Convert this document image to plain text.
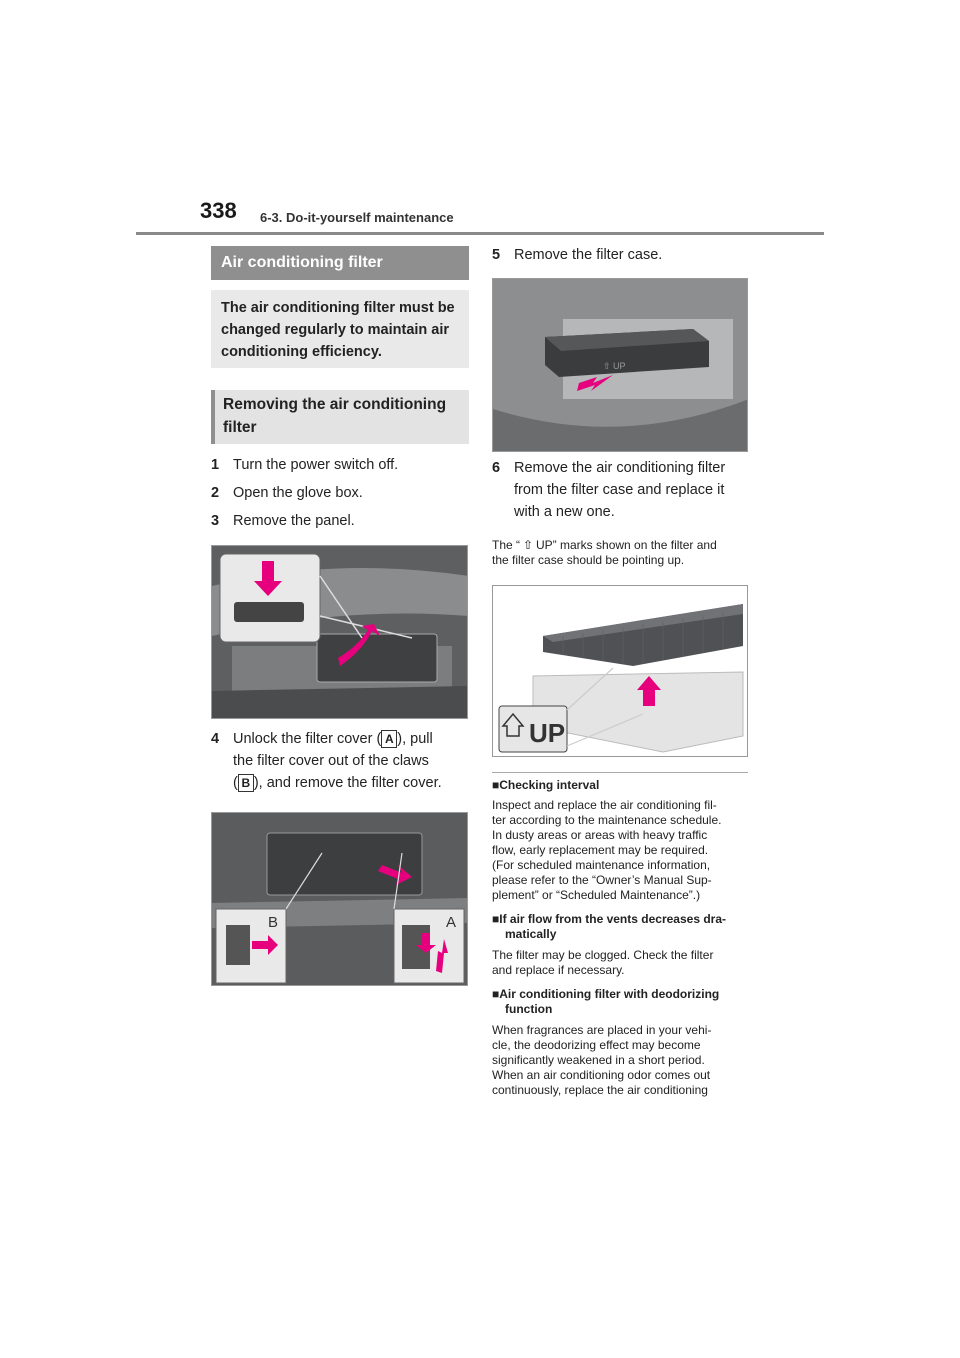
338 6-3. Do-it-yourself maintenance
Air conditioning filter
The air conditioning filter must be changed regularly to maintain air conditioning efficiency.
Removing the air conditioning filter
1 Turn the power switch off.
2 Open the glove box.
3 Remove the panel.
4 Unlock the filter cover ( A ), pull
the filter cover out of the claws
( B ), and remove the filter cover.
B	A
5 Remove the filter case.
⇧ UP
6 Remove the air conditioning filter
from the filter case and replace it
with a new one.
The “ ⇧ UP” marks shown on the filter and
the filter case should be pointing up.
UP
■Checking interval
Inspect and replace the air conditioning fil-
ter according to the maintenance schedule.
In dusty areas or areas with heavy traffic
flow, early replacement may be required.
(For scheduled maintenance information,
please refer to the “Owner’s Manual Sup-
plement” or “Scheduled Maintenance”.)
■If air flow from the vents decreases dra-
matically
The filter may be clogged. Check the filter
and replace if necessary.
■Air conditioning filter with deodorizing
function
When fragrances are placed in your vehi-
cle, the deodorizing effect may become
significantly weakened in a short period.
When an air conditioning odor comes out
continuously, replace the air conditioning
